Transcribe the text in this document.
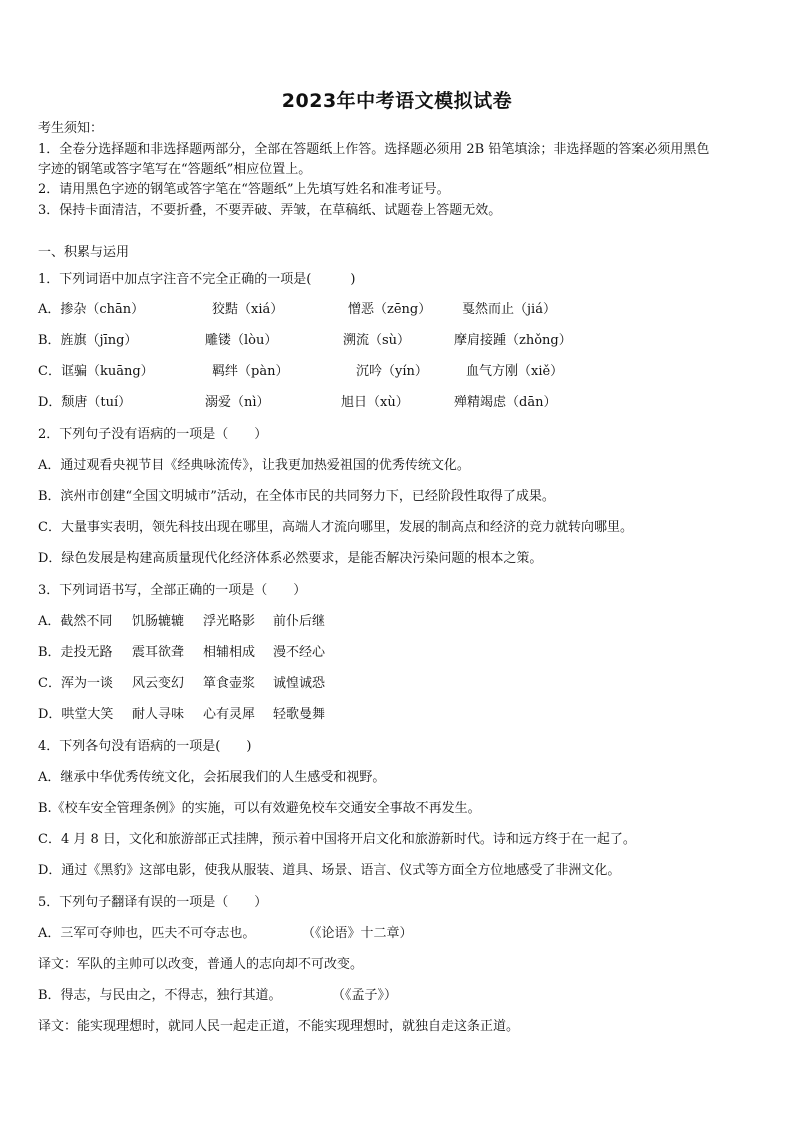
2023年中考语文模拟试卷
考生须知：
1．全卷分选择题和非选择题两部分，全部在答题纸上作答。选择题必须用 2B 铅笔填涂；非选择题的答案必须用黑色
字迹的钢笔或答字笔写在“答题纸”相应位置上。
2．请用黑色字迹的钢笔或答字笔在“答题纸”上先填写姓名和准考证号。
3．保持卡面清洁，不要折叠，不要弄破、弄皱，在草稿纸、试题卷上答题无效。
一、积累与运用
1．下列词语中加点字注音不完全正确的一项是(　　　)
A．掺杂（chān）	狡黠（xiá）	憎恶（zēng） 戛然而止（jiá）
B．旌旗（jīng）	雕镂（lòu）	溯流（sù）	摩肩接踵（zhǒng）
C．诓骗（kuāng）	羁绊（pàn）	沉吟（yín）	血气方刚（xiě）
D．颓唐（tuí）	溺爱（nì）	旭日（xù）	殚精竭虑（dān）
2．下列句子没有语病的一项是（　　）
A．通过观看央视节目《经典咏流传》，让我更加热爱祖国的优秀传统文化。
B．滨州市创建“全国文明城市”活动，在全体市民的共同努力下，已经阶段性取得了成果。
C．大量事实表明，领先科技出现在哪里，高端人才流向哪里，发展的制高点和经济的竞力就转向哪里。
D．绿色发展是构建高质量现代化经济体系必然要求，是能否解决污染问题的根本之策。
3．下列词语书写，全部正确的一项是（　　）
A．截然不同 饥肠辘辘 浮光略影 前仆后继
B．走投无路 震耳欲聋 相辅相成 漫不经心
C．浑为一谈 风云变幻 箪食壶浆 诚惶诚恐
D．哄堂大笑 耐人寻味 心有灵犀 轻歌曼舞
4．下列各句没有语病的一项是(　　)
A．继承中华优秀传统文化，会拓展我们的人生感受和视野。
B.《校车安全管理条例》的实施，可以有效避免校车交通安全事故不再发生。
C．4 月 8 日，文化和旅游部正式挂牌，预示着中国将开启文化和旅游新时代。诗和远方终于在一起了。
D．通过《黑豹》这部电影，使我从服装、道具、场景、语言、仪式等方面全方位地感受了非洲文化。
5．下列句子翻译有误的一项是（　　）
A．三军可夺帅也，匹夫不可夺志也。	（《论语》十二章）
译文：军队的主帅可以改变，普通人的志向却不可改变。
B．得志，与民由之，不得志，独行其道。	（《孟子》）
译文：能实现理想时，就同人民一起走正道，不能实现理想时，就独自走这条正道。
